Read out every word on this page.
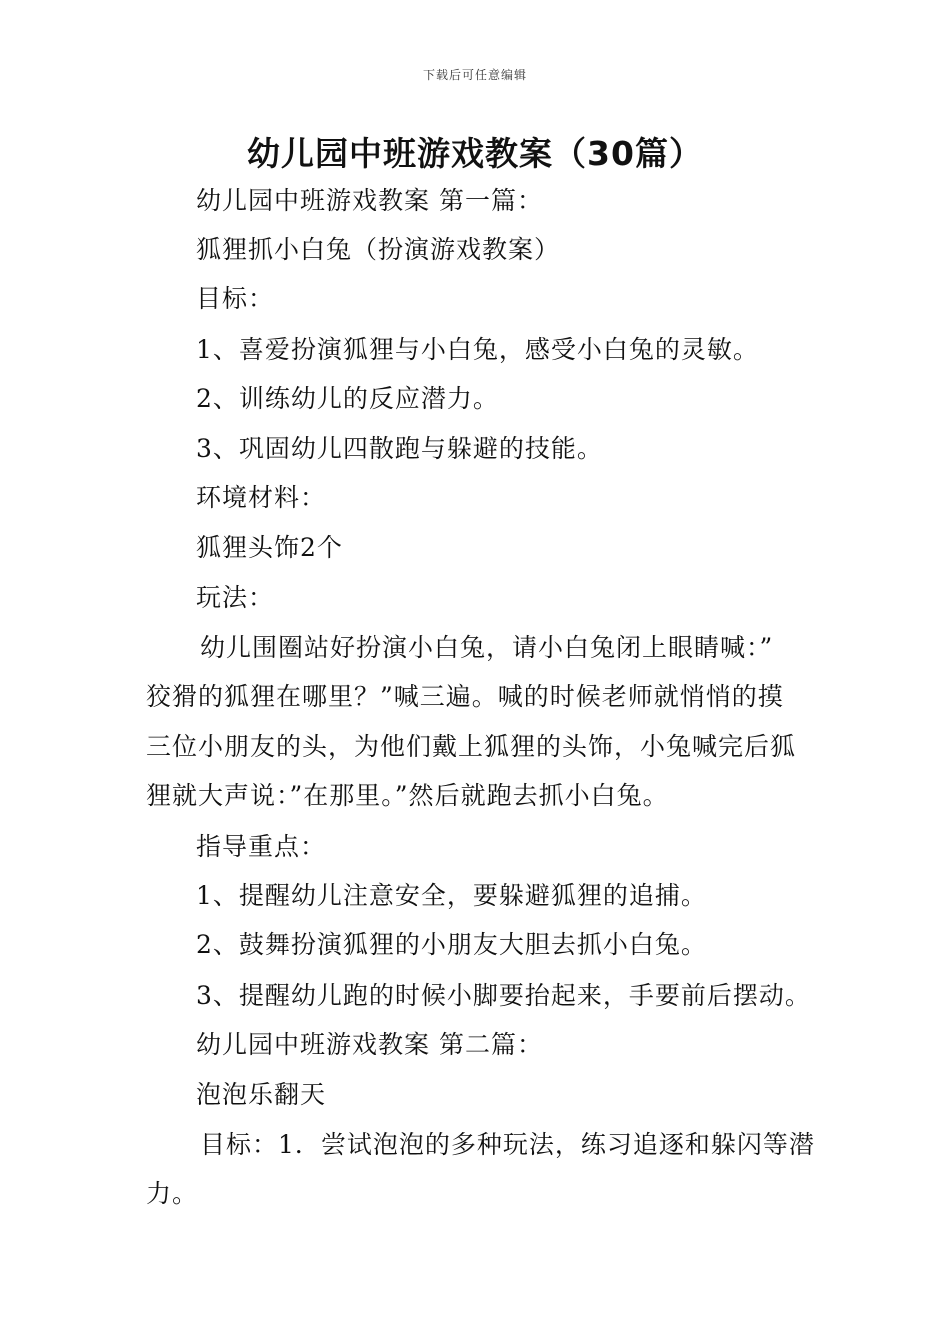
下载后可任意编辑
幼儿园中班游戏教案（30篇）
幼儿园中班游戏教案 第一篇：
狐狸抓小白兔（扮演游戏教案）
目标：
1、喜爱扮演狐狸与小白兔，感受小白兔的灵敏。
2、训练幼儿的反应潜力。
3、巩固幼儿四散跑与躲避的技能。
环境材料：
狐狸头饰2个
玩法：
幼儿围圈站好扮演小白兔，请小白兔闭上眼睛喊：”
狡猾的狐狸在哪里？”喊三遍。喊的时候老师就悄悄的摸
三位小朋友的头，为他们戴上狐狸的头饰，小兔喊完后狐
狸就大声说：”在那里。”然后就跑去抓小白兔。
指导重点：
1、提醒幼儿注意安全，要躲避狐狸的追捕。
2、鼓舞扮演狐狸的小朋友大胆去抓小白兔。
3、提醒幼儿跑的时候小脚要抬起来，手要前后摆动。
幼儿园中班游戏教案 第二篇：
泡泡乐翻天
目标：1．尝试泡泡的多种玩法，练习追逐和躲闪等潜
力。
